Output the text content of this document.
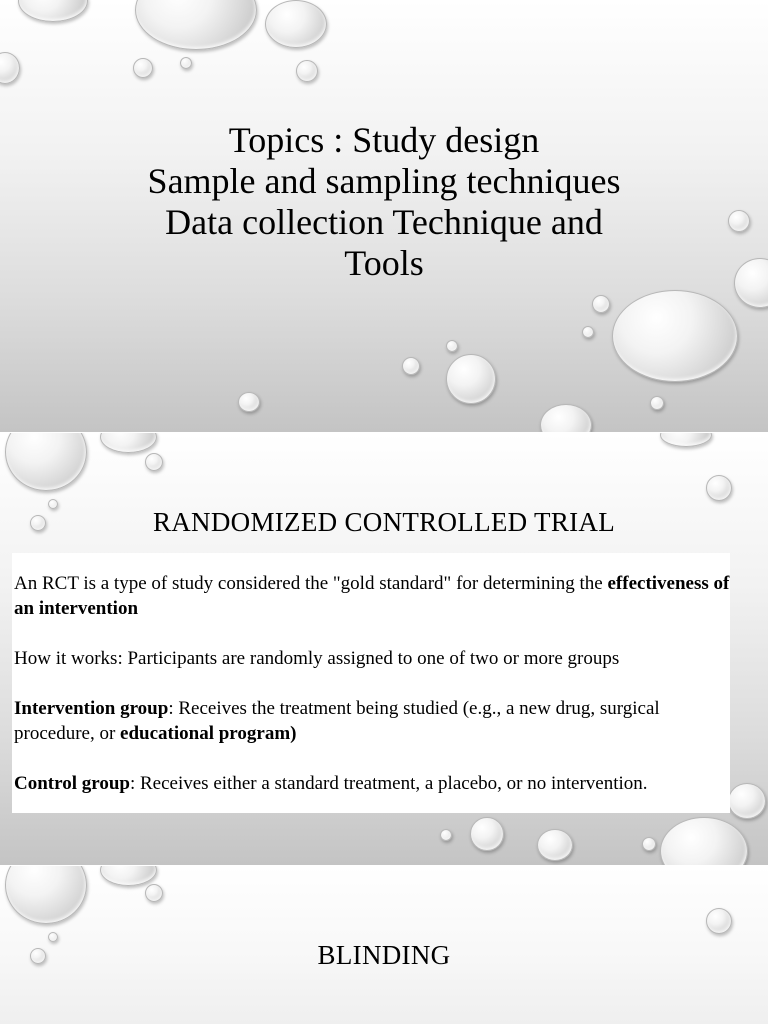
Topics : Study design
Sample and sampling techniques
Data collection Technique and
Tools
RANDOMIZED CONTROLLED TRIAL

An RCT is a type of study considered the "gold standard" for determining the effectiveness of an intervention

How it works: Participants are randomly assigned to one of two or more groups

Intervention group: Receives the treatment being studied (e.g., a new drug, surgical procedure, or educational program)

Control group: Receives either a standard treatment, a placebo, or no intervention.

BLINDING
